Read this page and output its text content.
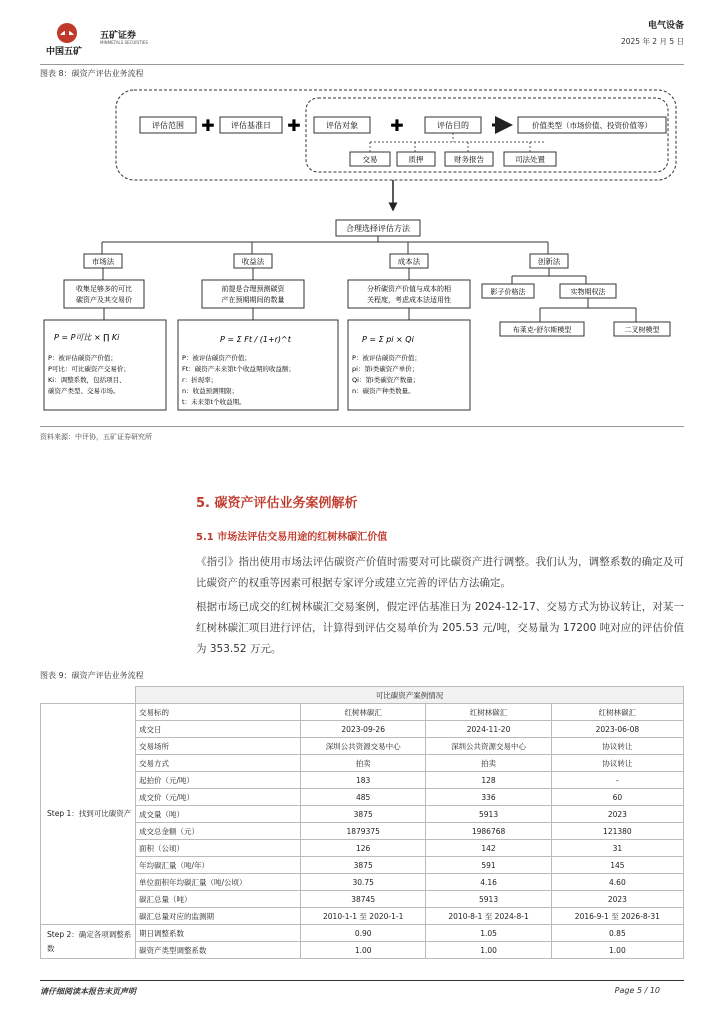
中国五矿
五矿证券
MINMETALS SECURITIES
电气设备
2025 年 2 月 5 日
图表 8：碳资产评估业务流程
评估范围 ✚ 评估基准日 ✚	评估对象 ✚	评估目的	价值类型（市场价值、投资价值等）
交易	质押	财务报告	司法处置
合理选择评估方法
市场法	收益法	成本法	创新法
收集足够多的可比
碳资产及其交易价
前提是合理预测碳资
产在预期期间的数量
分析碳资产价值与成本的相
关程度，考虑成本法适用性
影子价格法	实物期权法
布莱克-舒尔斯模型	二叉树模型
P = P可比 × ∏ Ki
P：被评估碳资产价值；
P可比：可比碳资产交易价；
Ki：调整系数，包括项目、
碳资产类型、交易市场。
P = Σ Ft / (1+r)^t
P：被评估碳资产价值；
Ft：碳资产未来第t个收益期的收益额；
r：折现率；
n：收益预测期限；
t：未来第t个收益期。
P = Σ pi × Qi
P：被评估碳资产价值；
pi：第i类碳资产单价；
Qi：第i类碳资产数量；
n：碳资产种类数量。
资料来源：中评协，五矿证券研究所
5. 碳资产评估业务案例解析
5.1 市场法评估交易用途的红树林碳汇价值
《指引》指出使用市场法评估碳资产价值时需要对可比碳资产进行调整。我们认为，调整系数的确定及可比碳资产的权重等因素可根据专家评分或建立完善的评估方法确定。
根据市场已成交的红树林碳汇交易案例，假定评估基准日为 2024-12-17、交易方式为协议转让，对某一红树林碳汇项目进行评估，计算得到评估交易单价为 205.53 元/吨，交易量为 17200 吨对应的评估价值为 353.52 万元。
图表 9：碳资产评估业务流程
	可比碳资产案例情况			
Step 1：找到可比碳资产	交易标的	红树林碳汇	红树林碳汇	红树林碳汇
	成交日	2023-09-26	2024-11-20	2023-06-08
	交易场所	深圳公共资源交易中心	深圳公共资源交易中心	协议转让
	交易方式	拍卖	拍卖	协议转让
	起拍价（元/吨）	183	128	-
	成交价（元/吨）	485	336	60
	成交量（吨）	3875	5913	2023
	成交总金额（元）	1879375	1986768	121380
	面积（公顷）	126	142	31
	年均碳汇量（吨/年）	3875	591	145
	单位面积年均碳汇量（吨/公顷）	30.75	4.16	4.60
	碳汇总量（吨）	38745	5913	2023
	碳汇总量对应的监测期	2010-1-1 至 2020-1-1	2010-8-1 至 2024-8-1	2016-9-1 至 2026-8-31
Step 2：确定各项调整系数	期日调整系数	0.90	1.05	0.85
	碳资产类型调整系数	1.00	1.00	1.00
请仔细阅读本报告末页声明	Page 5 / 10
